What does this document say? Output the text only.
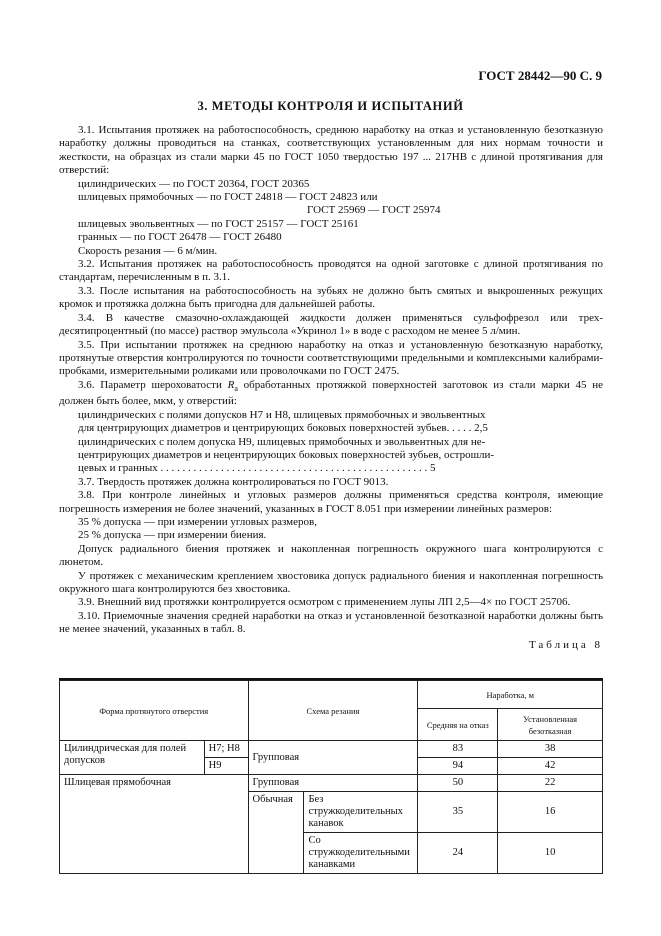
ГОСТ 28442—90 С. 9
3. МЕТОДЫ КОНТРОЛЯ И ИСПЫТАНИЙ

3.1. Испытания протяжек на работоспособность, среднюю наработку на отказ и установленную безотказную наработку должны проводиться на станках, соответствующих установленным для них нормам точности и жесткости, на образцах из стали марки 45 по ГОСТ 1050 твердостью 197 ... 217НВ с длиной протягивания для отверстий:

цилиндрических — по ГОСТ 20364, ГОСТ 20365

шлицевых прямобочных — по ГОСТ 24818 — ГОСТ 24823 или

ГОСТ 25969 — ГОСТ 25974

шлицевых эвольвентных — по ГОСТ 25157 — ГОСТ 25161

гранных — по ГОСТ 26478 — ГОСТ 26480

Скорость резания — 6 м/мин.

3.2. Испытания протяжек на работоспособность проводятся на одной заготовке с длиной протягивания по стандартам, перечисленным в п. 3.1.

3.3. После испытания на работоспособность на зубьях не должно быть смятых и выкрошенных режущих кромок и протяжка должна быть пригодна для дальнейшей работы.

3.4. В качестве смазочно-охлаждающей жидкости должен применяться сульфофрезол или трех-десятипроцентный (по массе) раствор эмульсола «Укринол 1» в воде с расходом не менее 5 л/мин.

3.5. При испытании протяжек на среднюю наработку на отказ и установленную безотказную наработку, протянутые отверстия контролируются по точности соответствующими предельными и комплексными калибрами-пробками, измерительными роликами или проволочками по ГОСТ 2475.

3.6. Параметр шероховатости $R_a$ обработанных протяжкой поверхностей заготовок из стали марки 45 не должен быть более, мкм, у отверстий:

цилиндрических с полями допусков Н7 и Н8, шлицевых прямобочных и эвольвентных

для центрирующих диаметров и центрирующих боковых поверхностей зубьев. . . . . 2,5

цилиндрических с полем допуска Н9, шлицевых прямобочных и эвольвентных для не-

центрирующих диаметров и нецентрирующих боковых поверхностей зубьев, острошли-

цевых и гранных . . . . . . . . . . . . . . . . . . . . . . . . . . . . . . . . . . . . . . . . . . . . . . . . . 5

3.7. Твердость протяжек должна контролироваться по ГОСТ 9013.

3.8. При контроле линейных и угловых размеров должны применяться средства контроля, имеющие погрешность измерения не более значений, указанных в ГОСТ 8.051 при измерении линейных размеров:

35 % допуска — при измерении угловых размеров,

25 % допуска — при измерении биения.

Допуск радиального биения протяжек и накопленная погрешность окружного шага контролируются с люнетом.

У протяжек с механическим креплением хвостовика допуск радиального биения и накопленная погрешность окружного шага контролируются без хвостовика.

3.9. Внешний вид протяжки контролируется осмотром с применением лупы ЛП 2,5—4× по ГОСТ 25706.

3.10. Приемочные значения средней наработки на отказ и установленной безотказной наработки должны быть не менее значений, указанных в табл. 8.

Таблица 8

Форма протянутого отверстия		Схема резания		Наработка, м	
				Средняя на отказ	Установленная безотказная
Цилиндрическая для полей допусков	Н7; Н8	Групповая		83	38
	Н9			94	42
Шлицевая прямобочная		Групповая		50	22
		Обычная	Без стружкоделительных канавок	35	16
			Со стружкоделительными канавками	24	10
